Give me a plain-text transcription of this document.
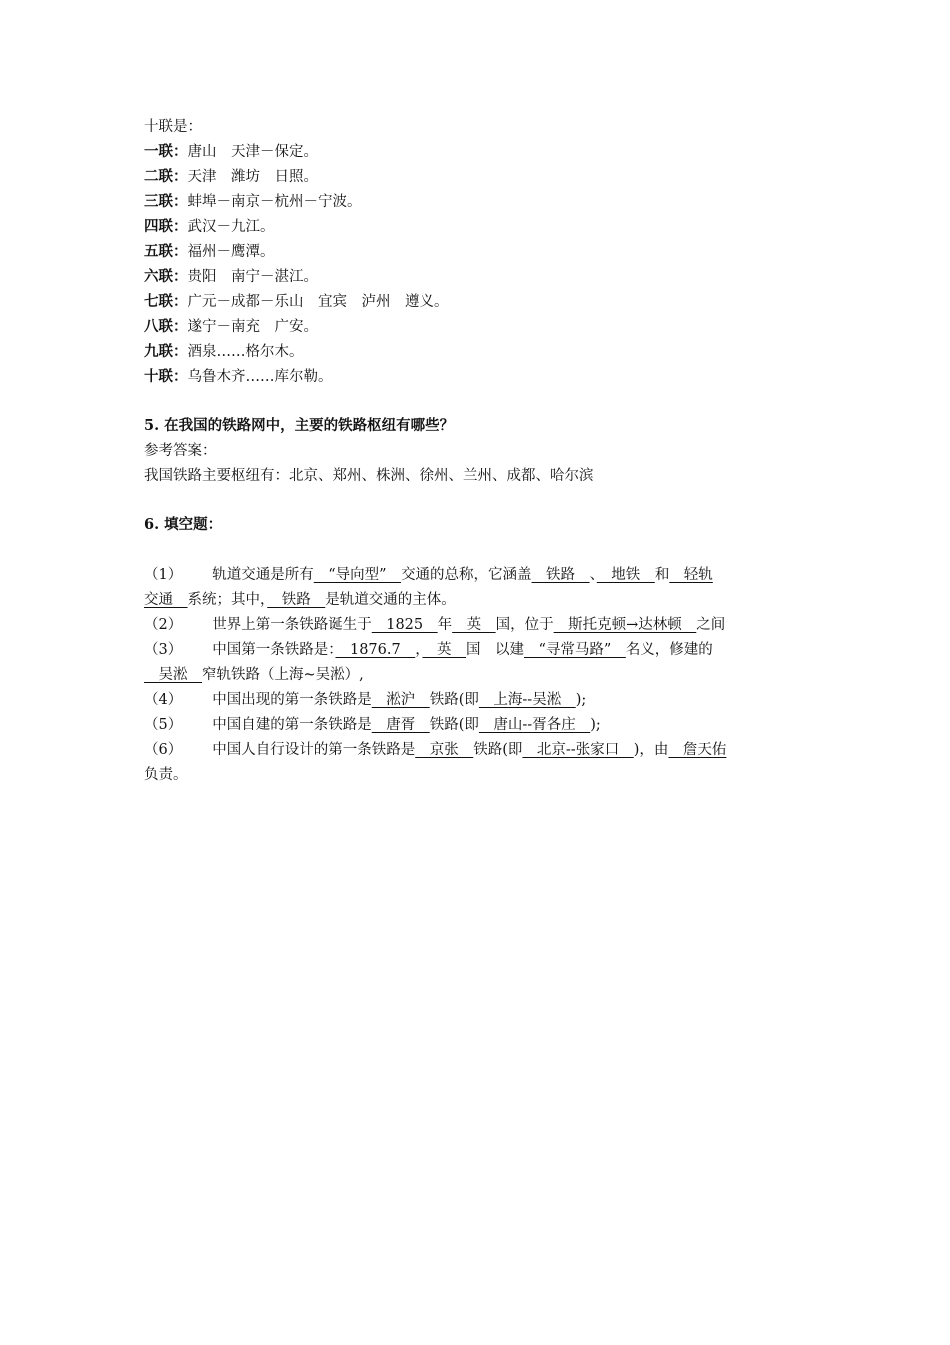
十联是：
一联：唐山　天津－保定。
二联：天津　潍坊　日照。
三联：蚌埠－南京－杭州－宁波。
四联：武汉－九江。
五联：福州－鹰潭。
六联：贵阳　南宁－湛江。
七联：广元－成都－乐山　宜宾　泸州　遵义。
八联：遂宁－南充　广安。
九联：酒泉……格尔木。
十联：乌鲁木齐……库尔勒。
5. 在我国的铁路网中，主要的铁路枢纽有哪些？
参考答案：
我国铁路主要枢纽有：北京、郑州、株洲、徐州、兰州、成都、哈尔滨
6. 填空题：
（1） 轨道交通是所有　“导向型”　交通的总称，它涵盖　铁路　、　地铁　和　轻轨
交通　系统；其中，　铁路　是轨道交通的主体。
（2） 世界上第一条铁路诞生于　1825　年　英　国，位于　斯托克顿→达林顿　之间
（3） 中国第一条铁路是：　1876.7　，　英　国　以建　“寻常马路”　名义，修建的
　吴淞　窄轨铁路（上海~吴淞）,
（4） 中国出现的第一条铁路是　淞沪　铁路(即　上海--吴淞　);
（5） 中国自建的第一条铁路是　唐胥　铁路(即　唐山--胥各庄　);
（6） 中国人自行设计的第一条铁路是　京张　铁路(即　北京--张家口　)，由　詹天佑
负责。
